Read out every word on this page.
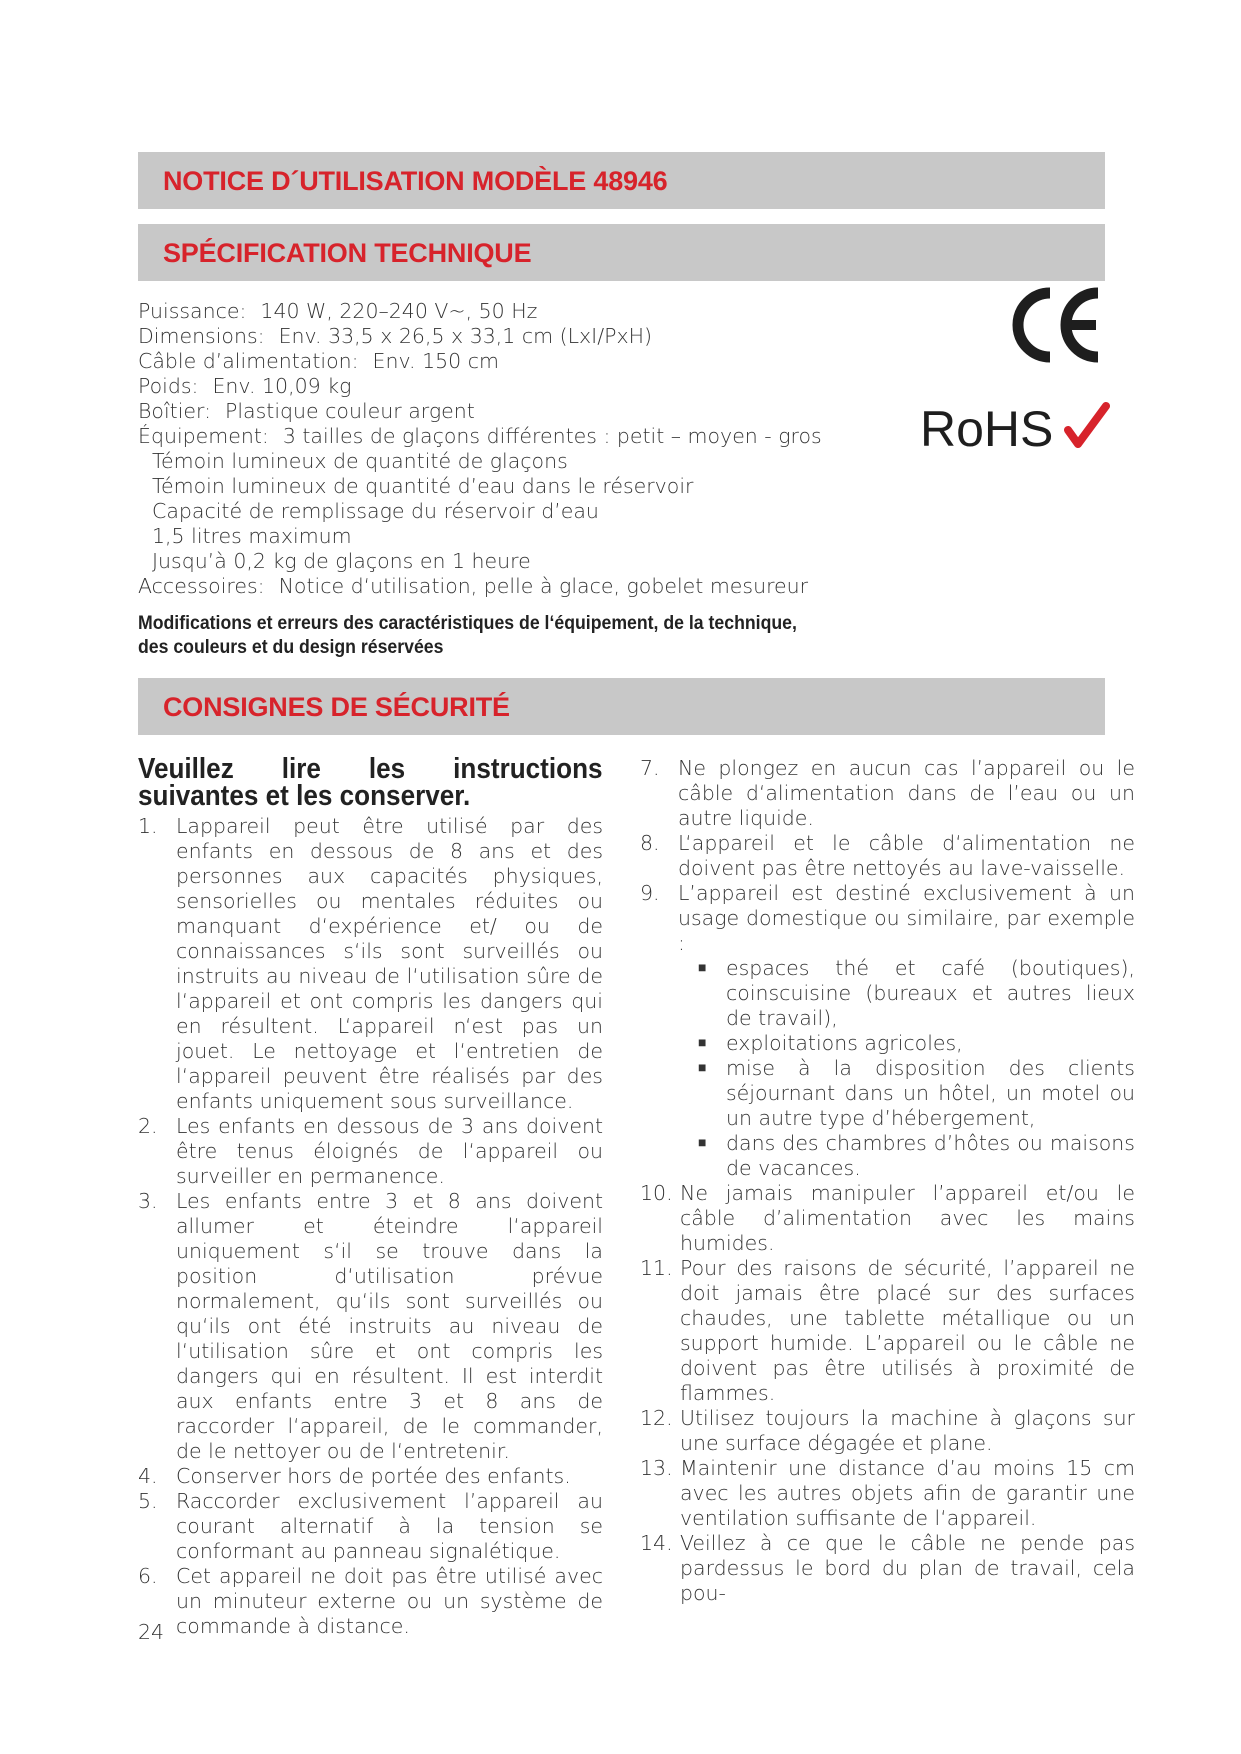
NOTICE D´UTILISATION MODÈLE 48946
SPÉCIFICATION TECHNIQUE
Puissance: 140 W, 220–240 V~, 50 Hz
Dimensions: Env. 33,5 x 26,5 x 33,1 cm (LxI/PxH)
Câble d’alimentation: Env. 150 cm
Poids: Env. 10,09 kg
Boîtier: Plastique couleur argent
Équipement: 3 tailles de glaçons différentes : petit – moyen - gros
Témoin lumineux de quantité de glaçons
Témoin lumineux de quantité d’eau dans le réservoir
Capacité de remplissage du réservoir d’eau
1,5 litres maximum
Jusqu’à 0,2 kg de glaçons en 1 heure
Accessoires: Notice d‘utilisation, pelle à glace, gobelet mesureur
Modifications et erreurs des caractéristiques de l‘équipement, de la technique,
des couleurs et du design réservées
RoHS
CONSIGNES DE SÉCURITÉ
Veuillez lire les instructions suivantes et les conserver.
1. Lappareil peut être utilisé par des enfants en dessous de 8 ans et des personnes aux capacités physiques, sensorielles ou mentales réduites ou manquant d‘expérience et/ ou de connaissances s‘ils sont surveillés ou instruits au niveau de l‘utilisation sûre de l‘appareil et ont compris les dangers qui en résultent. L‘appareil n‘est pas un jouet. Le nettoyage et l‘entretien de l‘appareil peuvent être réalisés par des enfants uniquement sous surveillance.
2. Les enfants en dessous de 3 ans doivent être tenus éloignés de l‘appareil ou surveiller en permanence.
3. Les enfants entre 3 et 8 ans doivent allumer et éteindre l‘appareil uniquement s‘il se trouve dans la position d‘utilisation prévue normalement, qu‘ils sont surveillés ou qu‘ils ont été instruits au niveau de l‘utilisation sûre et ont compris les dangers qui en résultent. Il est interdit aux enfants entre 3 et 8 ans de raccorder l‘appareil, de le commander, de le nettoyer ou de l‘entretenir.
4. Conserver hors de portée des enfants.
5. Raccorder exclusivement l’appareil au courant alternatif à la tension se conformant au panneau signalétique.
6. Cet appareil ne doit pas être utilisé avec un minuteur externe ou un système de commande à distance.
7. Ne plongez en aucun cas l’appareil ou le câble d‘alimentation dans de l’eau ou un autre liquide.
8. L‘appareil et le câble d‘alimentation ne doivent pas être nettoyés au lave-vaisselle.
9. L’appareil est destiné exclusivement à un usage domestique ou similaire, par exemple :
■ espaces thé et café (boutiques), coinscuisine (bureaux et autres lieux de travail),
■ exploitations agricoles,
■ mise à la disposition des clients séjournant dans un hôtel, un motel ou un autre type d’hébergement,
■ dans des chambres d’hôtes ou maisons de vacances.
10. Ne jamais manipuler l’appareil et/ou le câble d’alimentation avec les mains humides.
11. Pour des raisons de sécurité, l’appareil ne doit jamais être placé sur des surfaces chaudes, une tablette métallique ou un support humide. L’appareil ou le câble ne doivent pas être utilisés à proximité de flammes.
12. Utilisez toujours la machine à glaçons sur une surface dégagée et plane.
13. Maintenir une distance d’au moins 15 cm avec les autres objets afin de garantir une ventilation suffisante de l‘appareil.
14. Veillez à ce que le câble ne pende pas pardessus le bord du plan de travail, cela pou-
24
